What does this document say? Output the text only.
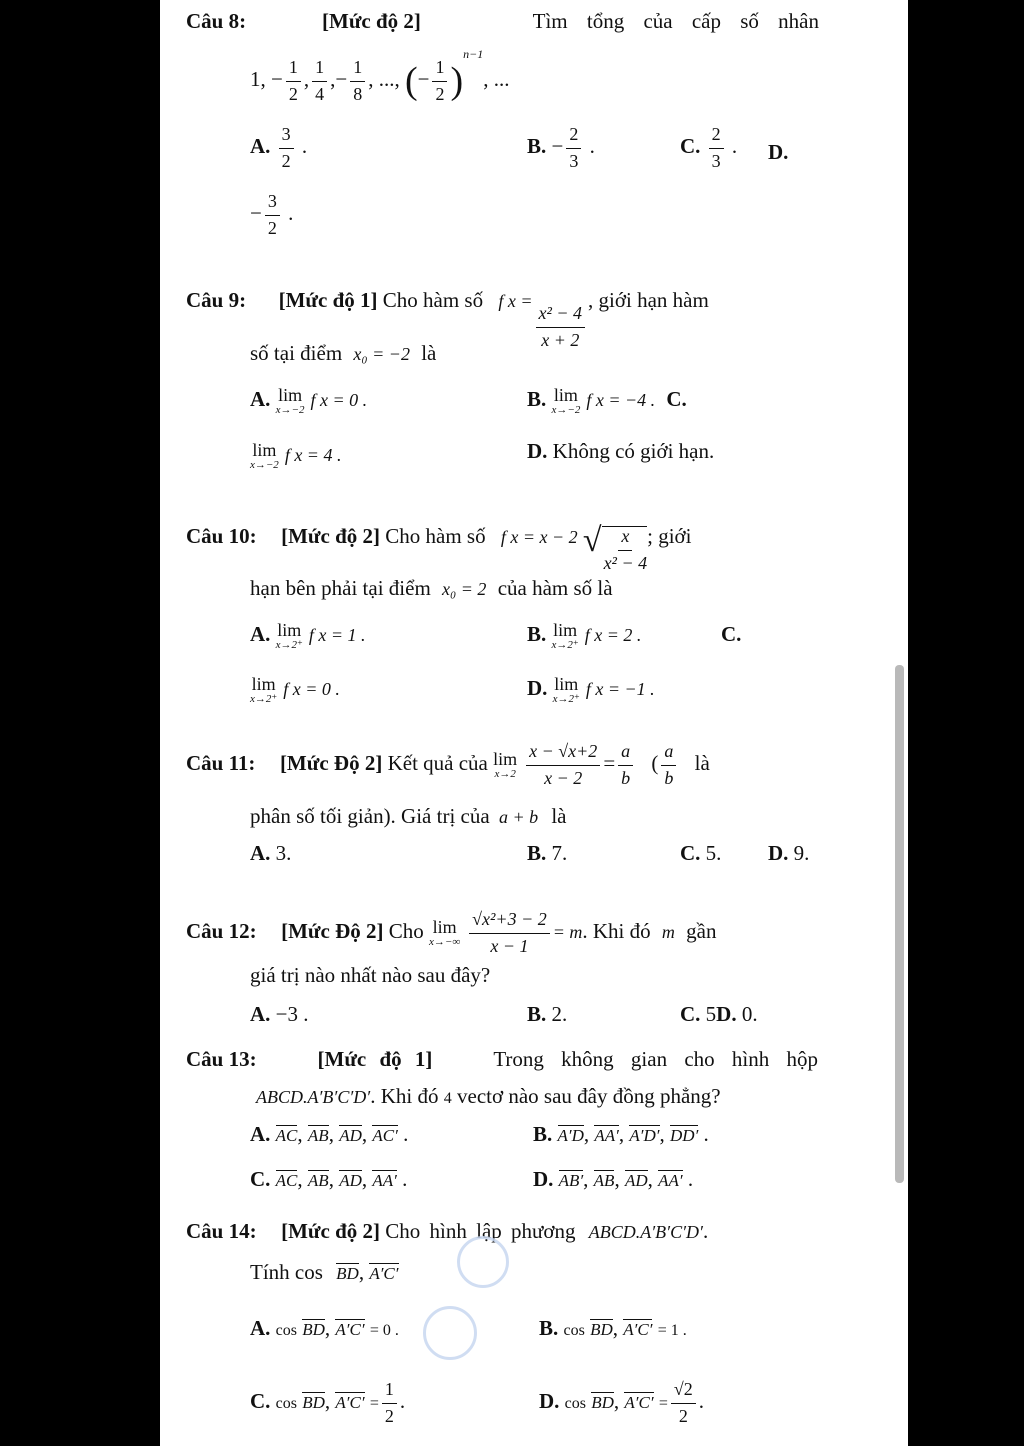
Câu 8:	[Mức độ 2]	Tìm tổng của cấp số nhân
1, − $\frac{1}{2}$ , $\frac{1}{4}$ ,− $\frac{1}{8}$ , ..., (− $\frac{1}{2} )^{n-1}$, ...
A. $\frac{3}{2}$ .	B. − $\frac{2}{3}$ .	C. $\frac{2}{3}$ . D.
− $\frac{3}{2}$ .
Câu 9: [Mức độ 1] Cho hàm số f x =
$\frac{\text{x² − 4}}{x + 2}$
, giới hạn hàm
số tại điểm x₀ = −2 là
A. lim
x→−2
f x = 0 .	B. lim
x→−2
f x = −4 . C.
lim
x→−2
f x = 4 .	D. Không có giới hạn.
Câu 10: [Mức độ 2] Cho hàm số f x = x − 2 √ $\frac{x}{\text{x² − 4}}$ ; giới
hạn bên phải tại điểm x₀ = 2 của hàm số là
A. lim
x→2⁺
f x = 1 .	B. lim
x→2⁺
f x = 2 .	C.
lim
x→2⁺
f x = 0 .	D. lim
x→2⁺
f x = −1 .
Câu 11: [Mức Độ 2] Kết quả của lim
$x\to 2 \frac{x - √x+2}{x - 2} = \frac{a}{b}$ ( $\frac{a}{b}$ là
phân số tối giản). Giá trị của a + b là
A. 3.	B. 7.	C. 5. D. 9.
Câu 12: [Mức Độ 2] Cho lim
$x\to-\infty \frac{\text{√x²+3 − 2}}{x - 1} = m$. Khi đó m gần
giá trị nào nhất nào sau đây?
A. −3 .	B. 2.	C. 5D. 0.
Câu 13:	[Mức độ 1]	Trong không gian cho hình hộp
ABCD.A′B′C′D′. Khi đó 4 vectơ nào sau đây đồng phẳng?
A. AC, AB, AD, AC′ .	B. A′D, AA′, A′D′, DD′ .
C. AC, AB, AD, AA′ .	D. AB′, AB, AD, AA′ .
Câu 14: [Mức độ 2] Cho hình lập phương ABCD.A′B′C′D′.
Tính cos BD, A′C′
A. cos BD, A′C′ = 0 .	B. cos BD, A′C′ = 1 .
C. cos BD, $A'C' = \frac{1}{2}$ .	D. cos BD, $A'C' = \frac{√2}{2}$ .
